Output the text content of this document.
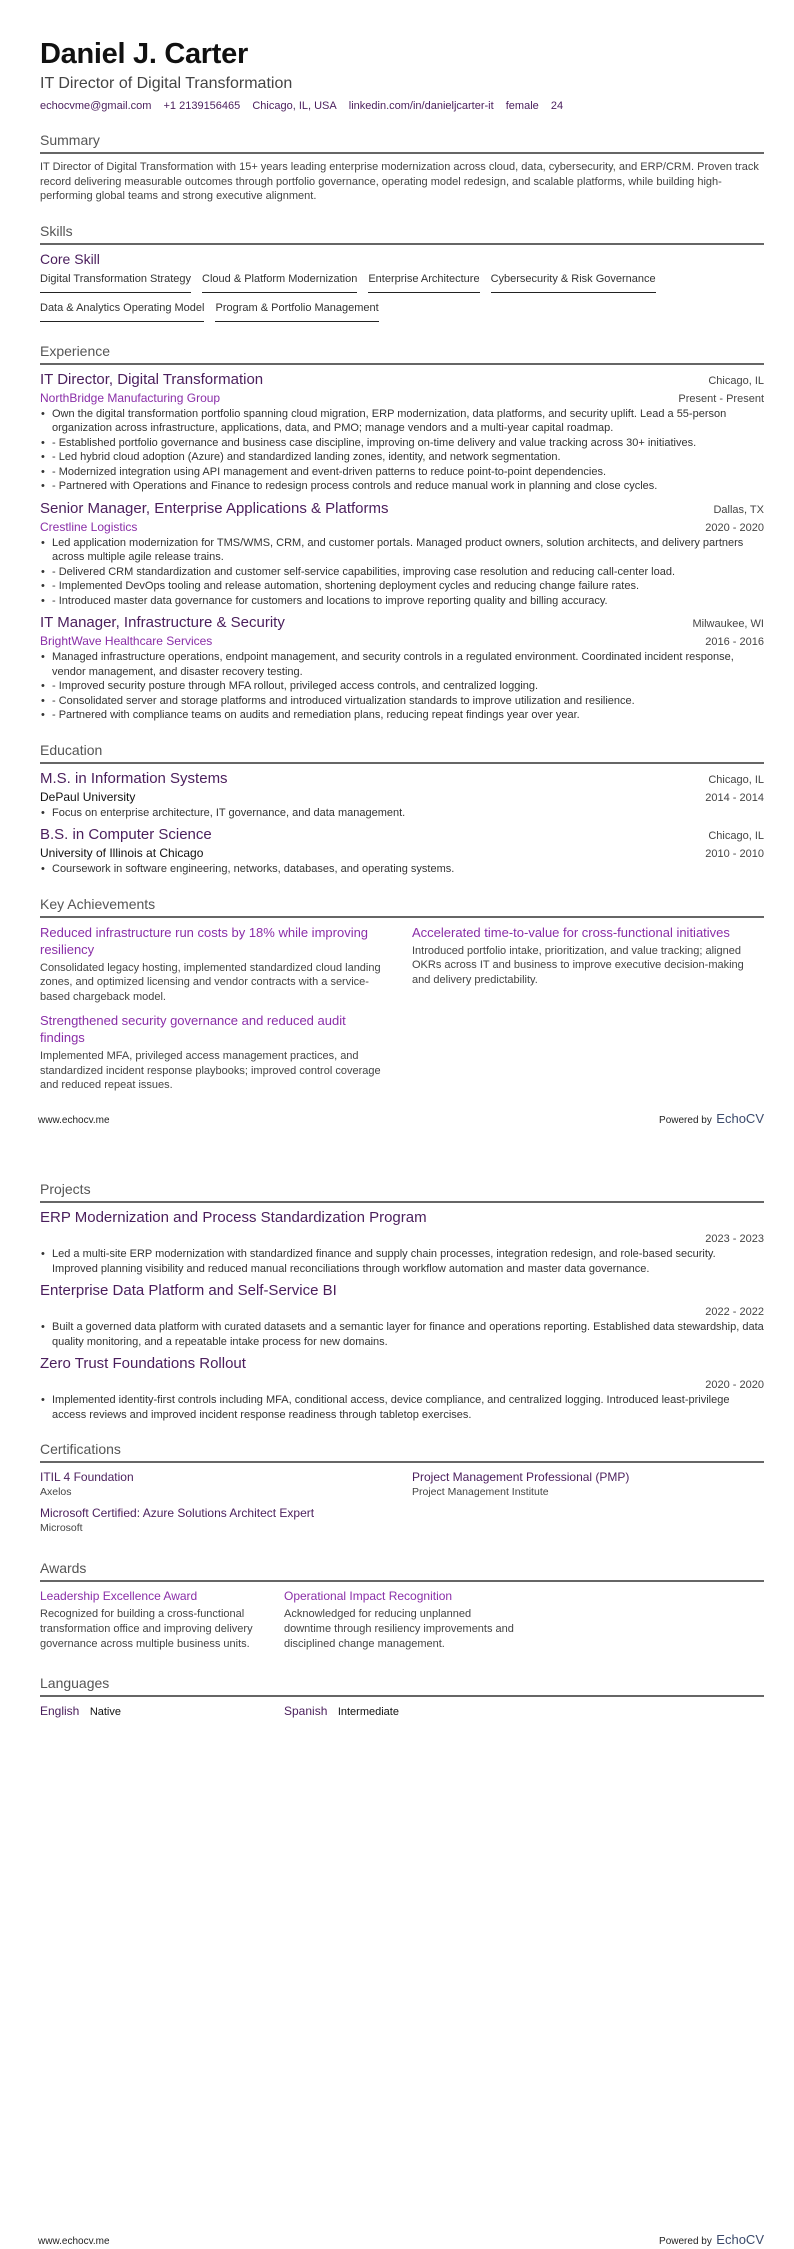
Daniel J. Carter
IT Director of Digital Transformation
echocvme@gmail.com +1 2139156465 Chicago, IL, USA linkedin.com/in/danieljcarter-it female 24
Summary
IT Director of Digital Transformation with 15+ years leading enterprise modernization across cloud, data, cybersecurity, and ERP/CRM. Proven track record delivering measurable outcomes through portfolio governance, operating model redesign, and scalable platforms, while building high-performing global teams and strong executive alignment.
Skills
Core Skill
Digital Transformation Strategy Cloud & Platform Modernization Enterprise Architecture Cybersecurity & Risk Governance
Data & Analytics Operating Model Program & Portfolio Management
Experience
IT Director, Digital Transformation	Chicago, IL
NorthBridge Manufacturing Group	Present - Present
• Own the digital transformation portfolio spanning cloud migration, ERP modernization, data platforms, and security uplift. Lead a 55-person organization across infrastructure, applications, data, and PMO; manage vendors and a multi-year capital roadmap.
• - Established portfolio governance and business case discipline, improving on-time delivery and value tracking across 30+ initiatives.
• - Led hybrid cloud adoption (Azure) and standardized landing zones, identity, and network segmentation.
• - Modernized integration using API management and event-driven patterns to reduce point-to-point dependencies.
• - Partnered with Operations and Finance to redesign process controls and reduce manual work in planning and close cycles.
Senior Manager, Enterprise Applications & Platforms	Dallas, TX
Crestline Logistics	2020 - 2020
• Led application modernization for TMS/WMS, CRM, and customer portals. Managed product owners, solution architects, and delivery partners across multiple agile release trains.
• - Delivered CRM standardization and customer self-service capabilities, improving case resolution and reducing call-center load.
• - Implemented DevOps tooling and release automation, shortening deployment cycles and reducing change failure rates.
• - Introduced master data governance for customers and locations to improve reporting quality and billing accuracy.
IT Manager, Infrastructure & Security	Milwaukee, WI
BrightWave Healthcare Services	2016 - 2016
• Managed infrastructure operations, endpoint management, and security controls in a regulated environment. Coordinated incident response, vendor management, and disaster recovery testing.
• - Improved security posture through MFA rollout, privileged access controls, and centralized logging.
• - Consolidated server and storage platforms and introduced virtualization standards to improve utilization and resilience.
• - Partnered with compliance teams on audits and remediation plans, reducing repeat findings year over year.
Education
M.S. in Information Systems	Chicago, IL
DePaul University	2014 - 2014
• Focus on enterprise architecture, IT governance, and data management.
B.S. in Computer Science	Chicago, IL
University of Illinois at Chicago	2010 - 2010
• Coursework in software engineering, networks, databases, and operating systems.
Key Achievements
Reduced infrastructure run costs by 18% while improving resiliency
Consolidated legacy hosting, implemented standardized cloud landing zones, and optimized licensing and vendor contracts with a service-based chargeback model.
Accelerated time-to-value for cross-functional initiatives
Introduced portfolio intake, prioritization, and value tracking; aligned OKRs across IT and business to improve executive decision-making and delivery predictability.
Strengthened security governance and reduced audit findings
Implemented MFA, privileged access management practices, and standardized incident response playbooks; improved control coverage and reduced repeat issues.
www.echocv.me	Powered by EchoCV
Projects
ERP Modernization and Process Standardization Program
2023 - 2023
• Led a multi-site ERP modernization with standardized finance and supply chain processes, integration redesign, and role-based security. Improved planning visibility and reduced manual reconciliations through workflow automation and master data governance.
Enterprise Data Platform and Self-Service BI
2022 - 2022
• Built a governed data platform with curated datasets and a semantic layer for finance and operations reporting. Established data stewardship, data quality monitoring, and a repeatable intake process for new domains.
Zero Trust Foundations Rollout
2020 - 2020
• Implemented identity-first controls including MFA, conditional access, device compliance, and centralized logging. Introduced least-privilege access reviews and improved incident response readiness through tabletop exercises.
Certifications
ITIL 4 Foundation
Axelos
Project Management Professional (PMP)
Project Management Institute
Microsoft Certified: Azure Solutions Architect Expert
Microsoft
Awards
Leadership Excellence Award
Recognized for building a cross-functional transformation office and improving delivery governance across multiple business units.
Operational Impact Recognition
Acknowledged for reducing unplanned downtime through resiliency improvements and disciplined change management.
Languages
English Native	Spanish Intermediate
www.echocv.me	Powered by EchoCV
